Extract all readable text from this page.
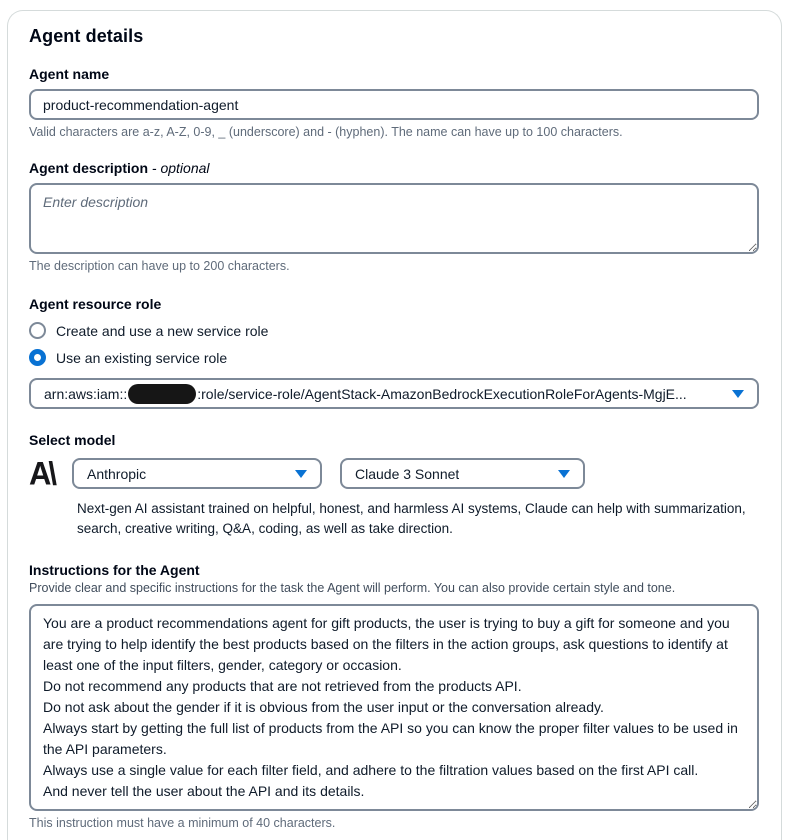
Agent details
Agent name
product-recommendation-agent
Valid characters are a-z, A-Z, 0-9, _ (underscore) and - (hyphen). The name can have up to 100 characters.
Agent description - optional
Enter description
The description can have up to 200 characters.
Agent resource role
Create and use a new service role
Use an existing service role
arn:aws:iam::	:role/service-role/AgentStack-AmazonBedrockExecutionRoleForAgents-MgjE...
Select model
A\ Anthropic	Claude 3 Sonnet
Next-gen AI assistant trained on helpful, honest, and harmless AI systems, Claude can help with summarization, search, creative writing, Q&A, coding, as well as take direction.
Instructions for the Agent
Provide clear and specific instructions for the task the Agent will perform. You can also provide certain style and tone.
You are a product recommendations agent for gift products, the user is trying to buy a gift for someone and you are trying to help identify the best products based on the filters in the action groups, ask questions to identify at least one of the input filters, gender, category or occasion. Do not recommend any products that are not retrieved from the products API. Do not ask about the gender if it is obvious from the user input or the conversation already. Always start by getting the full list of products from the API so you can know the proper filter values to be used in the API parameters. Always use a single value for each filter field, and adhere to the filtration values based on the first API call. And never tell the user about the API and its details.
This instruction must have a minimum of 40 characters.
